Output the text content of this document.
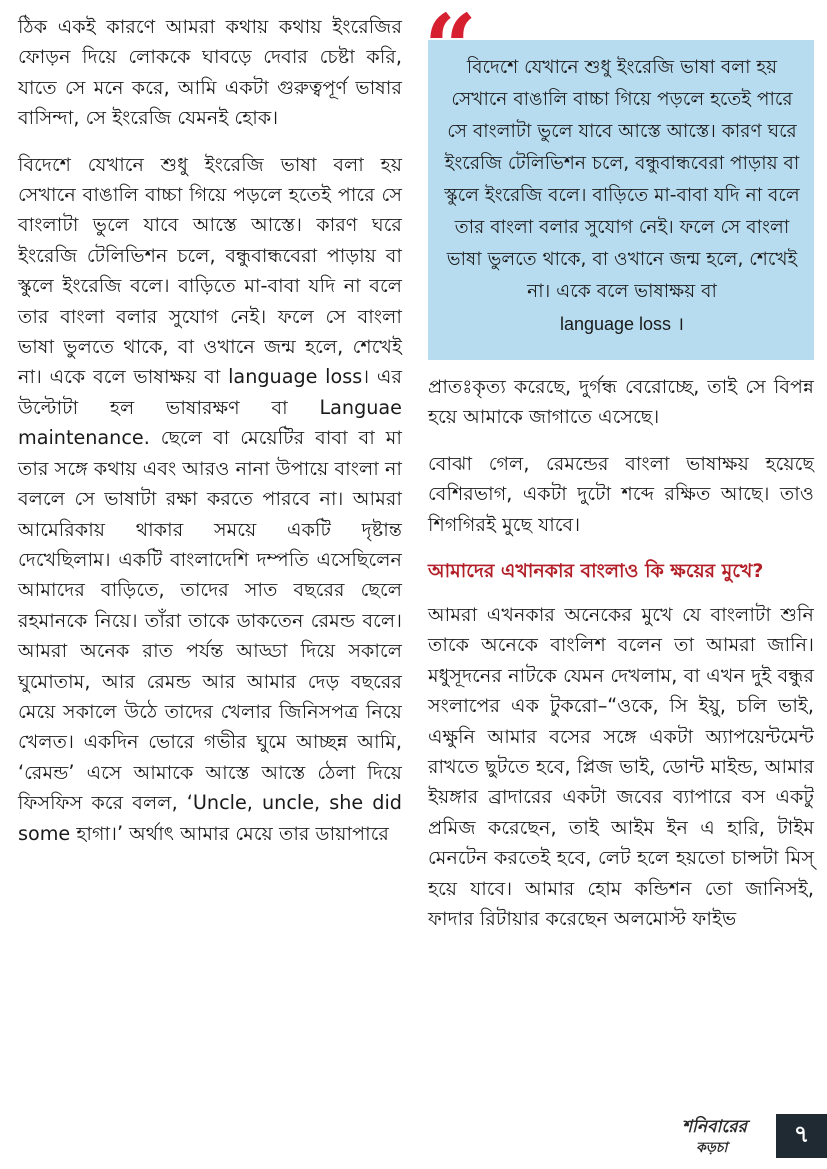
ঠিক একই কারণে আমরা কথায় কথায় ইংরেজির ফোড়ন দিয়ে লোককে ঘাবড়ে দেবার চেষ্টা করি, যাতে সে মনে করে, আমি একটা গুরুত্বপূর্ণ ভাষার বাসিন্দা, সে ইংরেজি যেমনই হোক।

বিদেশে যেখানে শুধু ইংরেজি ভাষা বলা হয় সেখানে বাঙালি বাচ্চা গিয়ে পড়লে হতেই পারে সে বাংলাটা ভুলে যাবে আস্তে আস্তে। কারণ ঘরে ইংরেজি টেলিভিশন চলে, বন্ধুবান্ধবেরা পাড়ায় বা স্কুলে ইংরেজি বলে। বাড়িতে মা-বাবা যদি না বলে তার বাংলা বলার সুযোগ নেই। ফলে সে বাংলা ভাষা ভুলতে থাকে, বা ওখানে জন্ম হলে, শেখেই না। একে বলে ভাষাক্ষয় বা language loss। এর উল্টোটা হল ভাষারক্ষণ বা Languae maintenance. ছেলে বা মেয়েটির বাবা বা মা তার সঙ্গে কথায় এবং আরও নানা উপায়ে বাংলা না বললে সে ভাষাটা রক্ষা করতে পারবে না। আমরা আমেরিকায় থাকার সময়ে একটি দৃষ্টান্ত দেখেছিলাম। একটি বাংলাদেশি দম্পতি এসেছিলেন আমাদের বাড়িতে, তাদের সাত বছরের ছেলে রহমানকে নিয়ে। তাঁরা তাকে ডাকতেন রেমন্ড বলে। আমরা অনেক রাত পর্যন্ত আড্ডা দিয়ে সকালে ঘুমোতাম, আর রেমন্ড আর আমার দেড় বছরের মেয়ে সকালে উঠে তাদের খেলার জিনিসপত্র নিয়ে খেলত। একদিন ভোরে গভীর ঘুমে আচ্ছন্ন আমি, ‘রেমন্ড’ এসে আমাকে আস্তে আস্তে ঠেলা দিয়ে ফিসফিস করে বলল, ‘Uncle, uncle, she did some হাগা।’ অর্থাৎ আমার মেয়ে তার ডায়াপারে

“

বিদেশে যেখানে শুধু ইংরেজি ভাষা বলা হয় সেখানে বাঙালি বাচ্চা গিয়ে পড়লে হতেই পারে সে বাংলাটা ভুলে যাবে আস্তে আস্তে। কারণ ঘরে ইংরেজি টেলিভিশন চলে, বন্ধুবান্ধবেরা পাড়ায় বা স্কুলে ইংরেজি বলে। বাড়িতে মা-বাবা যদি না বলে তার বাংলা বলার সুযোগ নেই। ফলে সে বাংলা ভাষা ভুলতে থাকে, বা ওখানে জন্ম হলে, শেখেই না। একে বলে ভাষাক্ষয় বা
language loss ।

প্রাতঃকৃত্য করেছে, দুর্গন্ধ বেরোচ্ছে, তাই সে বিপন্ন হয়ে আমাকে জাগাতে এসেছে।

বোঝা গেল, রেমন্ডের বাংলা ভাষাক্ষয় হয়েছে বেশিরভাগ, একটা দুটো শব্দে রক্ষিত আছে। তাও শিগগিরই মুছে যাবে।

আমাদের এখানকার বাংলাও কি ক্ষয়ের মুখে?

আমরা এখনকার অনেকের মুখে যে বাংলাটা শুনি তাকে অনেকে বাংলিশ বলেন তা আমরা জানি। মধুসূদনের নাটকে যেমন দেখলাম, বা এখন দুই বন্ধুর সংলাপের এক টুকরো–“ওকে, সি ইয়ু, চলি ভাই, এক্ষুনি আমার বসের সঙ্গে একটা অ্যাপয়েন্টমেন্ট রাখতে ছুটতে হবে, প্লিজ ভাই, ডোন্ট মাইন্ড, আমার ইয়ঙ্গার ব্রাদারের একটা জবের ব্যাপারে বস একটু প্রমিজ করেছেন, তাই আইম ইন এ হারি, টাইম মেনটেন করতেই হবে, লেট হলে হয়তো চান্সটা মিস্ হয়ে যাবে। আমার হোম কন্ডিশন তো জানিসই, ফাদার রিটায়ার করেছেন অলমোস্ট ফাইভ

শনিবারের
কড়চা	৭
